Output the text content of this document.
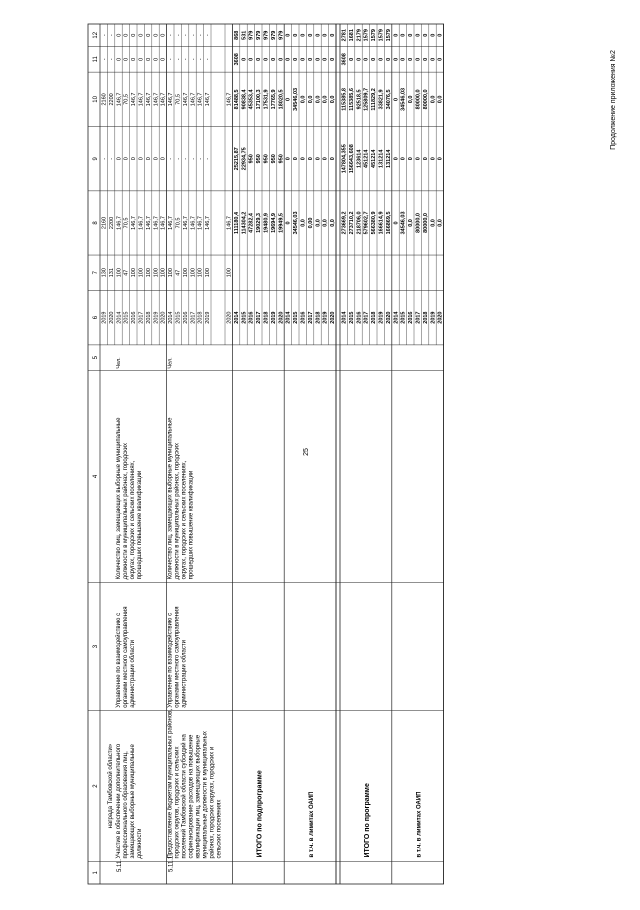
25
Продолжение приложения №2
1
2
3
4
5
6
7
8
9
10
11
12
награда Тамбовской области»
2019 2020
130 131
2160 2200
- -
2160 2200
- -
- -
5.11.
Участие в обеспечении дополнительного профессионального образования лиц, замещающих выборные муниципальные должности
Управление по взаимодействию с органами местного самоуправления администрации области
Количество лиц, замещающих выборные муниципальные должности в муниципальных районах, городских округах, городских и сельских поселениях, прошедших повышение квалификации
Чел.
2014
100
146,7
0
146,7
0
0
2015
47
70,5
0
70,5
0
0
2016
100
146,7
0
146,7
0
0
2017
100
146,7
0
146,7
0
0
2018
100
146,7
0
146,7
0
0
2019
100
146,7
0
146,7
0
0
2020
100
146,7
0
146,7
0
0
5.11.1.
Предоставление бюджетам муниципальных районов, городских округов, городских и сельских поселений Тамбовской области субсидий на софинансирование расходов на повышение квалификации лиц, замещающих выборные муниципальные должности в муниципальных районах, городских округах, городских и сельских поселениях
Управление по взаимодействию с органами местного самоуправления администрации области
Количество лиц, замещающих выборные муниципальные должности в муниципальных районах, городских округах, городских и сельских поселениях, прошедших повышение квалификации
Чел.
2014
100
146,7
-
146,7
-
-
2015
47
70,5
-
70,5
-
-
2016
100
146,7
-
146,7
-
-
2017
100
146,7
-
146,7
-
-
2018
100
146,7
-
146,7
-
-
2019
100
146,7
-
146,7
-
-
2020
100
146,7
146,7
ИТОГО по подпрограмме
2014
111180,4
25215,87
81488,5
3608
868
2015
114304,2
22934,75
90838,4
0
531
2016
47282,4
950
45353,4
0
979
2017
19029,3
950
17100,3
0
979
2018
19480,9
950
17531,9
0
979
2019
19694,9
950
17765,9
0
979
2020
19949,5
950
18020,5
0
979
в т.ч. в лимитах ОАИП
2014
0
0
0
0
0
2015
34546,03
0
34546,03
0
0
2016
0,0
0
0,0
0
0
2017
0,00
0
0,0
0
0
2018
0,0
0
0,0
0
0
2019
0,0
0
0,0
0
0
2020
0,0
0
0,0
0
0
ИТОГО по программе
2014
273669,2
147804,355
115385,8
3608
2781
2015
273710,2
156643,608
115385,6
0
1681
2016
218706,0
123614
92518,5
0
2179
2017
579602,7
451214
125809,7
0
1579
2018
566380,9
451214
111829,2
0
1579
2019
166614,9
131214
33821,9
0
1579
2020
166869,5
131214
34076,5
0
1579
в т.ч. в лимитах ОАИП
2014
0
0
0
0
0
2015
34546,03
0
34546,03
0
0
2016
0,0
0
0,0
0
0
2017
80000,0
0
80000,0
0
0
2018
80000,0
0
80000,0
0
0
2019
0,0
0
0,0
0
0
2020
0,0
0
0,0
0
0
